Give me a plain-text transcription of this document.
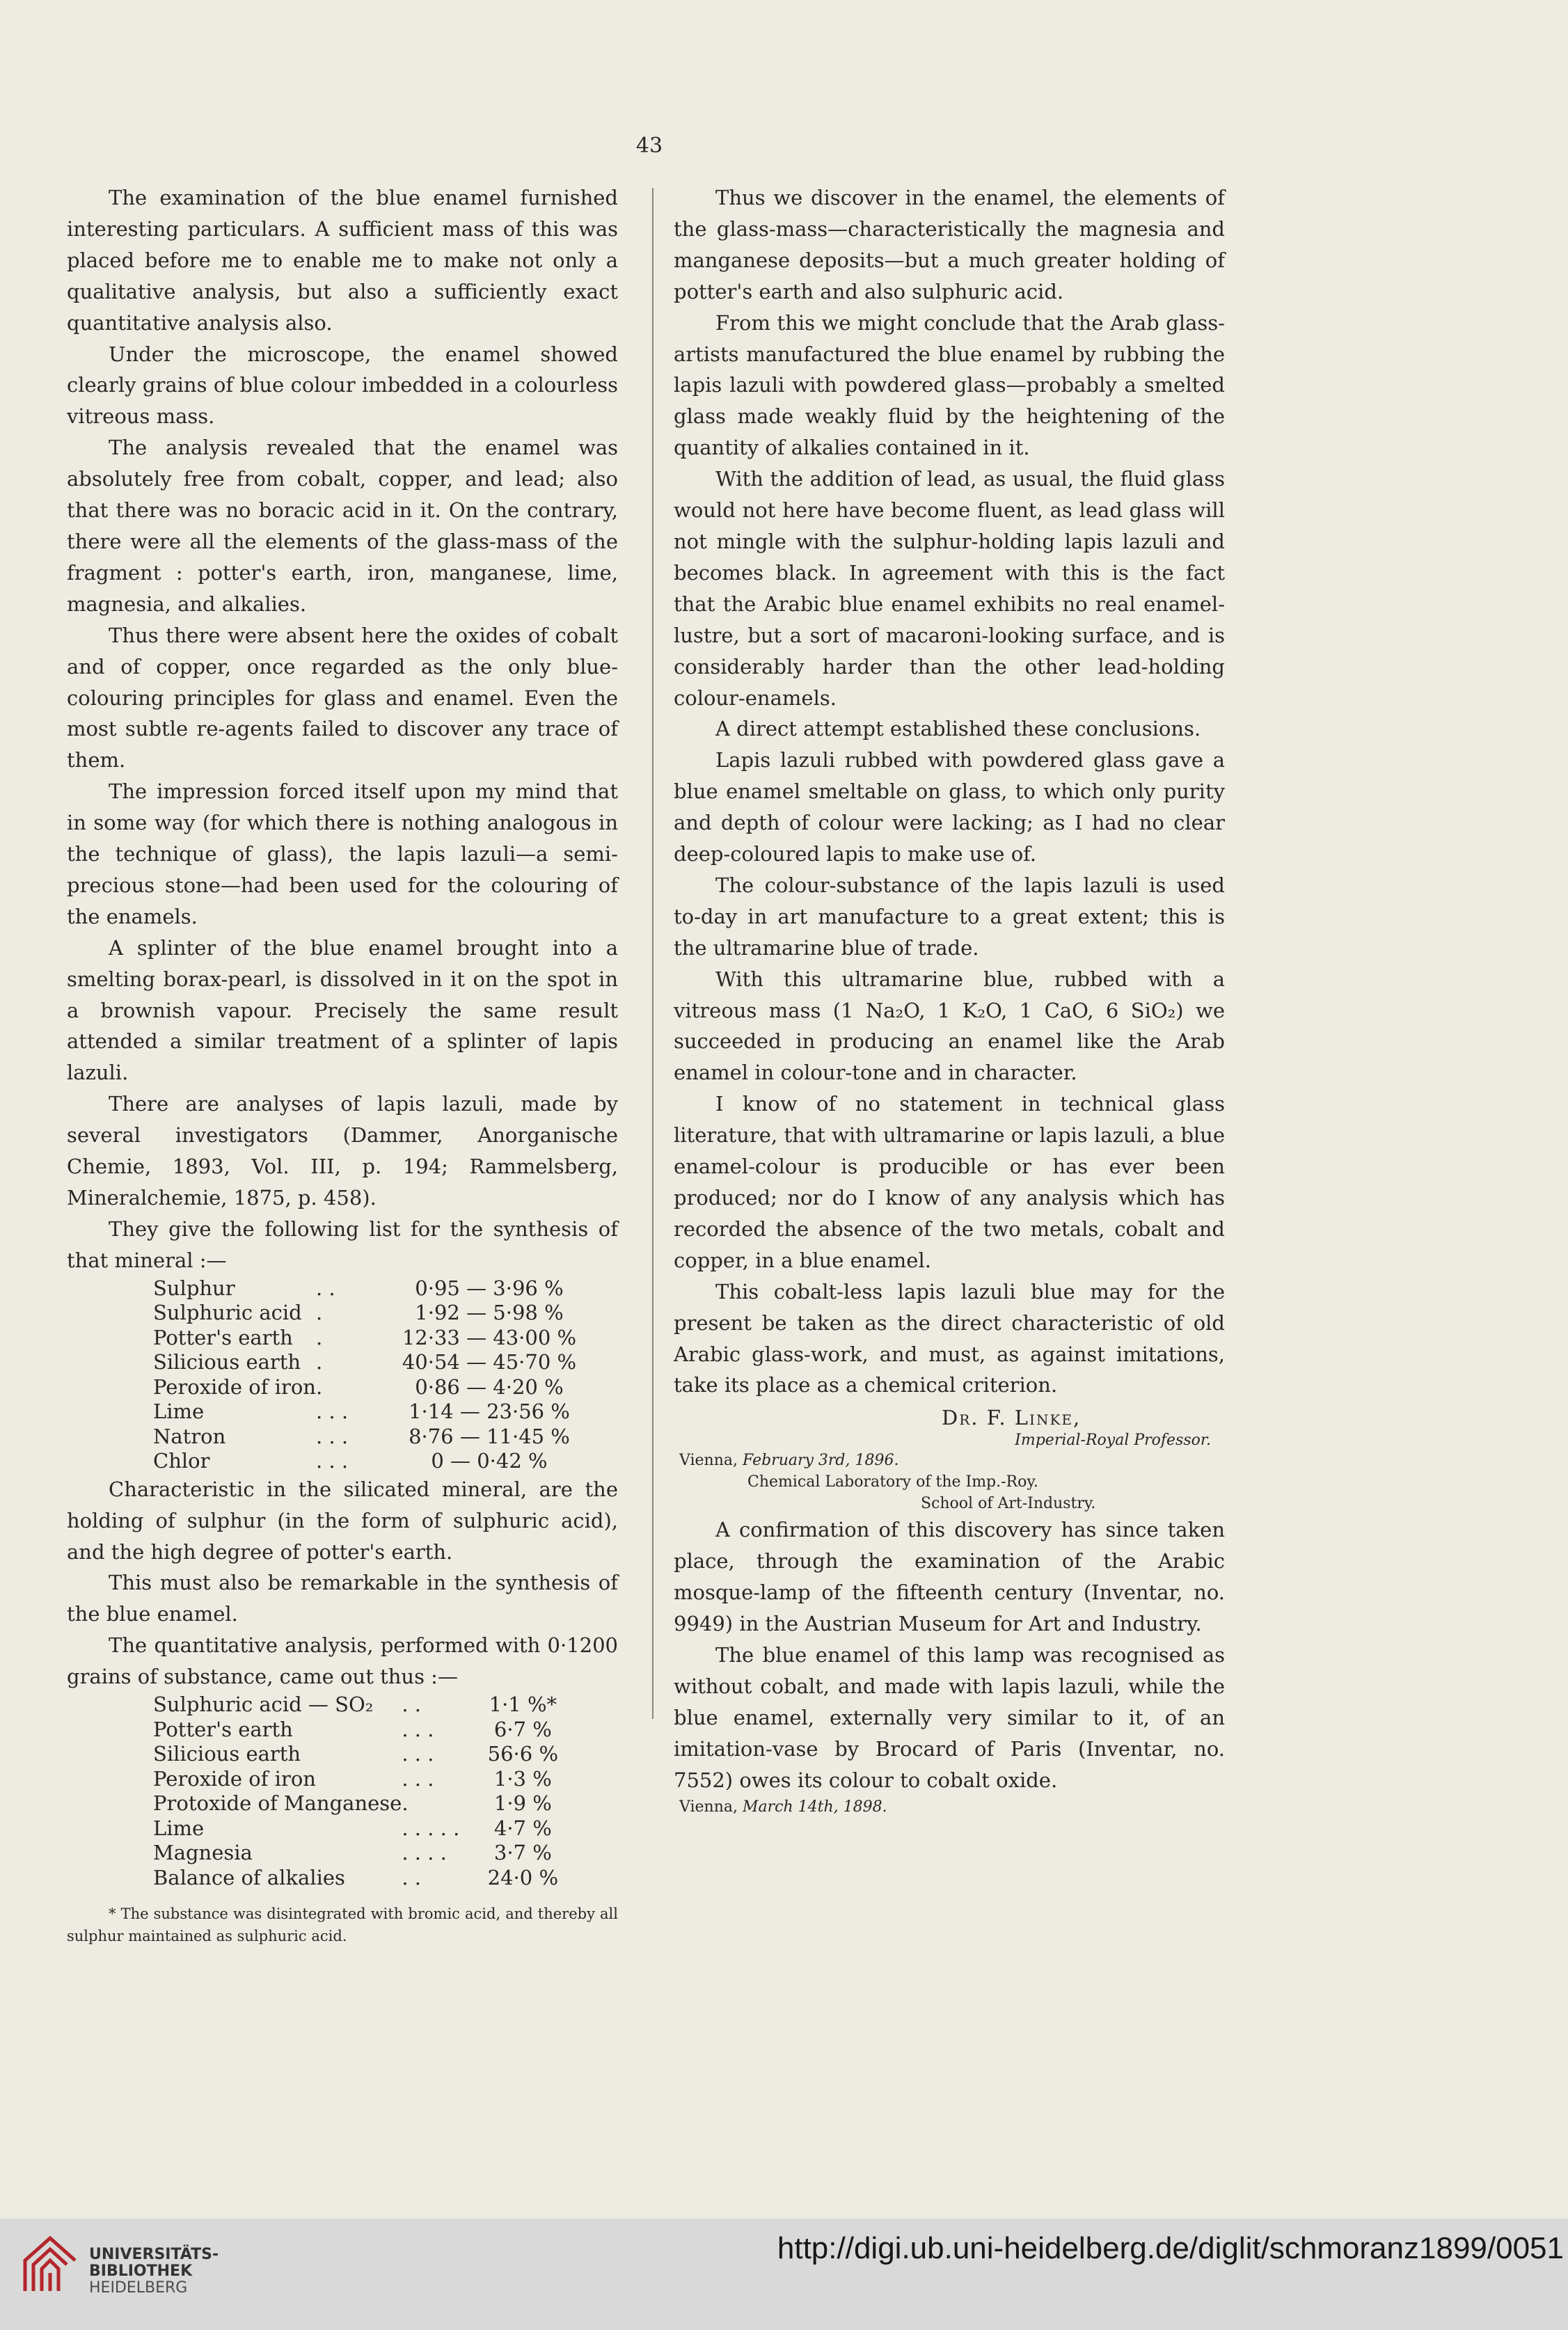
43

The examination of the blue enamel furnished interesting particulars. A sufficient mass of this was placed before me to enable me to make not only a qualitative analysis, but also a sufficiently exact quantitative analysis also.

Under the microscope, the enamel showed clearly grains of blue colour imbedded in a colourless vitreous mass.

The analysis revealed that the enamel was absolutely free from cobalt, copper, and lead; also that there was no boracic acid in it. On the contrary, there were all the elements of the glass-mass of the fragment : potter's earth, iron, manganese, lime, magnesia, and alkalies.

Thus there were absent here the oxides of cobalt and of copper, once regarded as the only blue-colouring principles for glass and enamel. Even the most subtle re-agents failed to discover any trace of them.

The impression forced itself upon my mind that in some way (for which there is nothing analogous in the technique of glass), the lapis lazuli—a semi-precious stone—had been used for the colouring of the enamels.

A splinter of the blue enamel brought into a smelting borax-pearl, is dissolved in it on the spot in a brownish vapour. Precisely the same result attended a similar treatment of a splinter of lapis lazuli.

There are analyses of lapis lazuli, made by several investigators (Dammer, Anorganische Chemie, 1893, Vol. III, p. 194; Rammelsberg, Mineralchemie, 1875, p. 458).

They give the following list for the synthesis of that mineral :—

Sulphur	. .	0·95 — 3·96 %
Sulphuric acid	.	1·92 — 5·98 %
Potter's earth	.	12·33 — 43·00 %
Silicious earth	.	40·54 — 45·70 %
Peroxide of iron	.	0·86 — 4·20 %
Lime	. . .	1·14 — 23·56 %
Natron	. . .	8·76 — 11·45 %
Chlor	. . .	0 — 0·42 %

Characteristic in the silicated mineral, are the holding of sulphur (in the form of sulphuric acid), and the high degree of potter's earth.

This must also be remarkable in the synthesis of the blue enamel.

The quantitative analysis, performed with 0·1200 grains of substance, came out thus :—

Sulphuric acid — SO₂	. .	1·1 %*
Potter's earth	. . .	6·7 %
Silicious earth	. . .	56·6 %
Peroxide of iron	. . .	1·3 %
Protoxide of Manganese	.	1·9 %
Lime	. . . . .	4·7 %
Magnesia	. . . .	3·7 %
Balance of alkalies	. .	24·0 %
* The substance was disintegrated with bromic acid, and thereby all sulphur maintained as sulphuric acid.

Thus we discover in the enamel, the elements of the glass-mass—characteristically the magnesia and manganese deposits—but a much greater holding of potter's earth and also sulphuric acid.

From this we might conclude that the Arab glass-artists manufactured the blue enamel by rubbing the lapis lazuli with powdered glass—probably a smelted glass made weakly fluid by the heightening of the quantity of alkalies contained in it.

With the addition of lead, as usual, the fluid glass would not here have become fluent, as lead glass will not mingle with the sulphur-holding lapis lazuli and becomes black. In agreement with this is the fact that the Arabic blue enamel exhibits no real enamel-lustre, but a sort of macaroni-looking surface, and is considerably harder than the other lead-holding colour-enamels.

A direct attempt established these conclusions.

Lapis lazuli rubbed with powdered glass gave a blue enamel smeltable on glass, to which only purity and depth of colour were lacking; as I had no clear deep-coloured lapis to make use of.

The colour-substance of the lapis lazuli is used to-day in art manufacture to a great extent; this is the ultramarine blue of trade.

With this ultramarine blue, rubbed with a vitreous mass (1 Na₂O, 1 K₂O, 1 CaO, 6 SiO₂) we succeeded in producing an enamel like the Arab enamel in colour-tone and in character.

I know of no statement in technical glass literature, that with ultramarine or lapis lazuli, a blue enamel-colour is producible or has ever been produced; nor do I know of any analysis which has recorded the absence of the two metals, cobalt and copper, in a blue enamel.

This cobalt-less lapis lazuli blue may for the present be taken as the direct characteristic of old Arabic glass-work, and must, as against imitations, take its place as a chemical criterion.

Dr. F. Linke,
Imperial-Royal Professor.
Vienna, February 3rd, 1896.
Chemical Laboratory of the Imp.-Roy.
School of Art-Industry.

A confirmation of this discovery has since taken place, through the examination of the Arabic mosque-lamp of the fifteenth century (Inventar, no. 9949) in the Austrian Museum for Art and Industry.

The blue enamel of this lamp was recognised as without cobalt, and made with lapis lazuli, while the blue enamel, externally very similar to it, of an imitation-vase by Brocard of Paris (Inventar, no. 7552) owes its colour to cobalt oxide.

Vienna, March 14th, 1898.
UNIVERSITÄTS-
BIBLIOTHEK
HEIDELBERG
http://digi.ub.uni-heidelberg.de/diglit/schmoranz1899/0051
